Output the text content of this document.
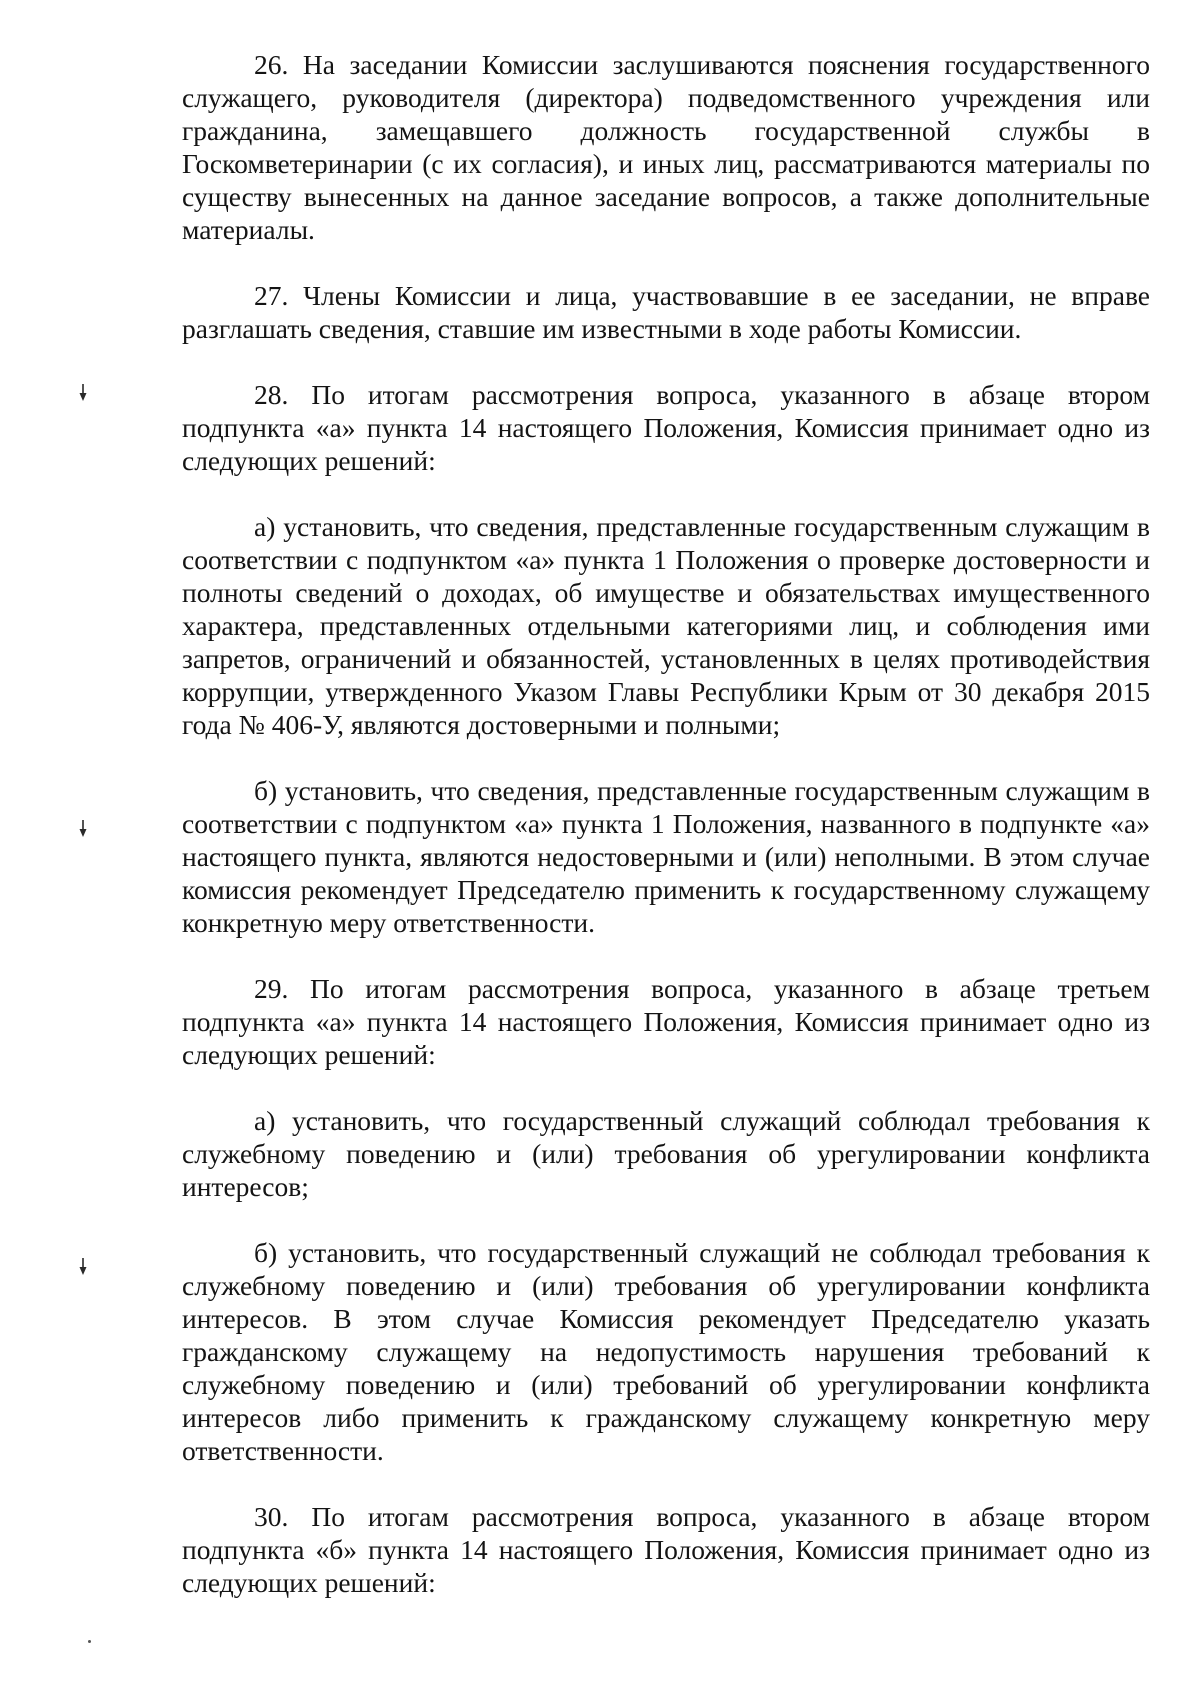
26. На заседании Комиссии заслушиваются пояснения государственного служащего, руководителя (директора) подведомственного учреждения или гражданина, замещавшего должность государственной службы в Госкомветеринарии (с их согласия), и иных лиц, рассматриваются материалы по существу вынесенных на данное заседание вопросов, а также дополнительные материалы.

27. Члены Комиссии и лица, участвовавшие в ее заседании, не вправе разглашать сведения, ставшие им известными в ходе работы Комиссии.

28. По итогам рассмотрения вопроса, указанного в абзаце втором подпункта «а» пункта 14 настоящего Положения, Комиссия принимает одно из следующих решений:

а) установить, что сведения, представленные государственным служащим в соответствии с подпунктом «а» пункта 1 Положения о проверке достоверности и полноты сведений о доходах, об имуществе и обязательствах имущественного характера, представленных отдельными категориями лиц, и соблюдения ими запретов, ограничений и обязанностей, установленных в целях противодействия коррупции, утвержденного Указом Главы Республики Крым от 30 декабря 2015 года № 406-У, являются достоверными и полными;

б) установить, что сведения, представленные государственным служащим в соответствии с подпунктом «а» пункта 1 Положения, названного в подпункте «а» настоящего пункта, являются недостоверными и (или) неполными. В этом случае комиссия рекомендует Председателю применить к государственному служащему конкретную меру ответственности.

29. По итогам рассмотрения вопроса, указанного в абзаце третьем подпункта «а» пункта 14 настоящего Положения, Комиссия принимает одно из следующих решений:

а) установить, что государственный служащий соблюдал требования к служебному поведению и (или) требования об урегулировании конфликта интересов;

б) установить, что государственный служащий не соблюдал требования к служебному поведению и (или) требования об урегулировании конфликта интересов. В этом случае Комиссия рекомендует Председателю указать гражданскому служащему на недопустимость нарушения требований к служебному поведению и (или) требований об урегулировании конфликта интересов либо применить к гражданскому служащему конкретную меру ответственности.

30. По итогам рассмотрения вопроса, указанного в абзаце втором подпункта «б» пункта 14 настоящего Положения, Комиссия принимает одно из следующих решений:
